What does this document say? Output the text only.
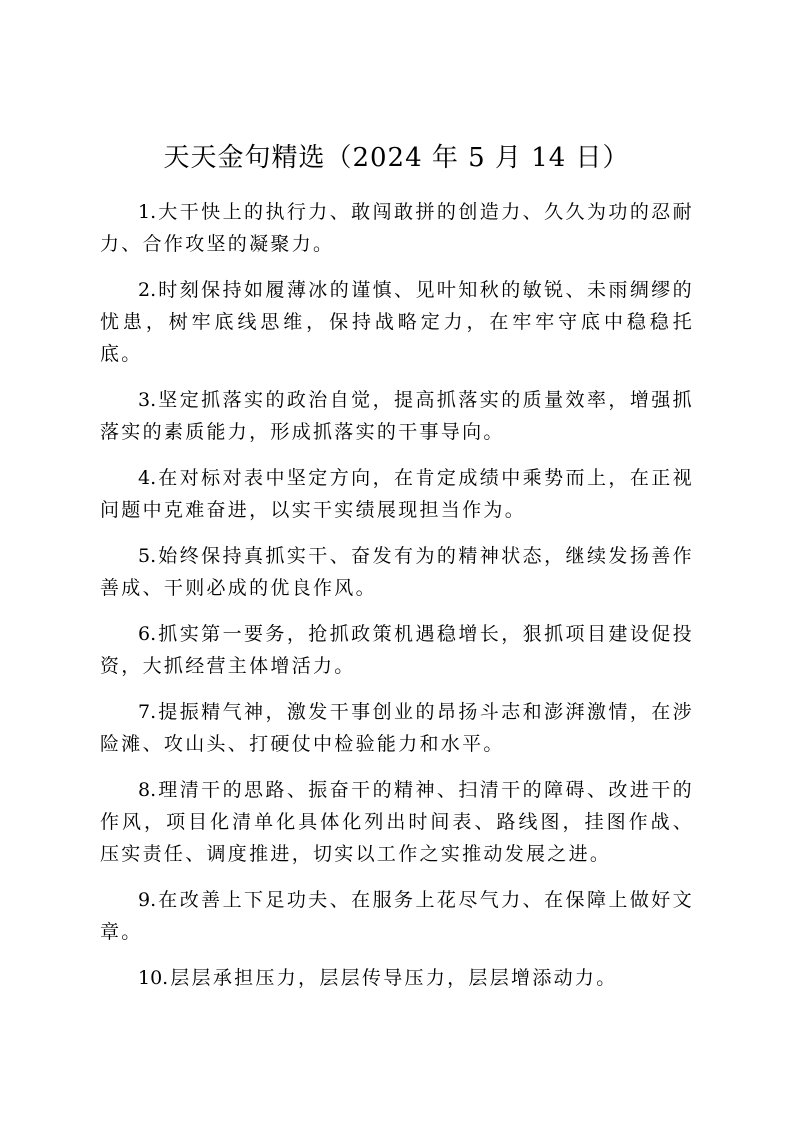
天天金句精选（2024 年 5 月 14 日）

1. 大干快上的执行力、敢闯敢拼的创造力、久久为功的忍耐力、合作攻坚的凝聚力。

2. 时刻保持如履薄冰的谨慎、见叶知秋的敏锐、未雨绸缪的忧患，树牢底线思维，保持战略定力，在牢牢守底中稳稳托底。

3. 坚定抓落实的政治自觉，提高抓落实的质量效率，增强抓落实的素质能力，形成抓落实的干事导向。

4. 在对标对表中坚定方向，在肯定成绩中乘势而上，在正视问题中克难奋进，以实干实绩展现担当作为。

5. 始终保持真抓实干、奋发有为的精神状态，继续发扬善作善成、干则必成的优良作风。

6. 抓实第一要务，抢抓政策机遇稳增长，狠抓项目建设促投资，大抓经营主体增活力。

7. 提振精气神，激发干事创业的昂扬斗志和澎湃激情，在涉险滩、攻山头、打硬仗中检验能力和水平。

8. 理清干的思路、振奋干的精神、扫清干的障碍、改进干的作风，项目化清单化具体化列出时间表、路线图，挂图作战、压实责任、调度推进，切实以工作之实推动发展之进。

9. 在改善上下足功夫、在服务上花尽气力、在保障上做好文章。

10. 层层承担压力，层层传导压力，层层增添动力。
